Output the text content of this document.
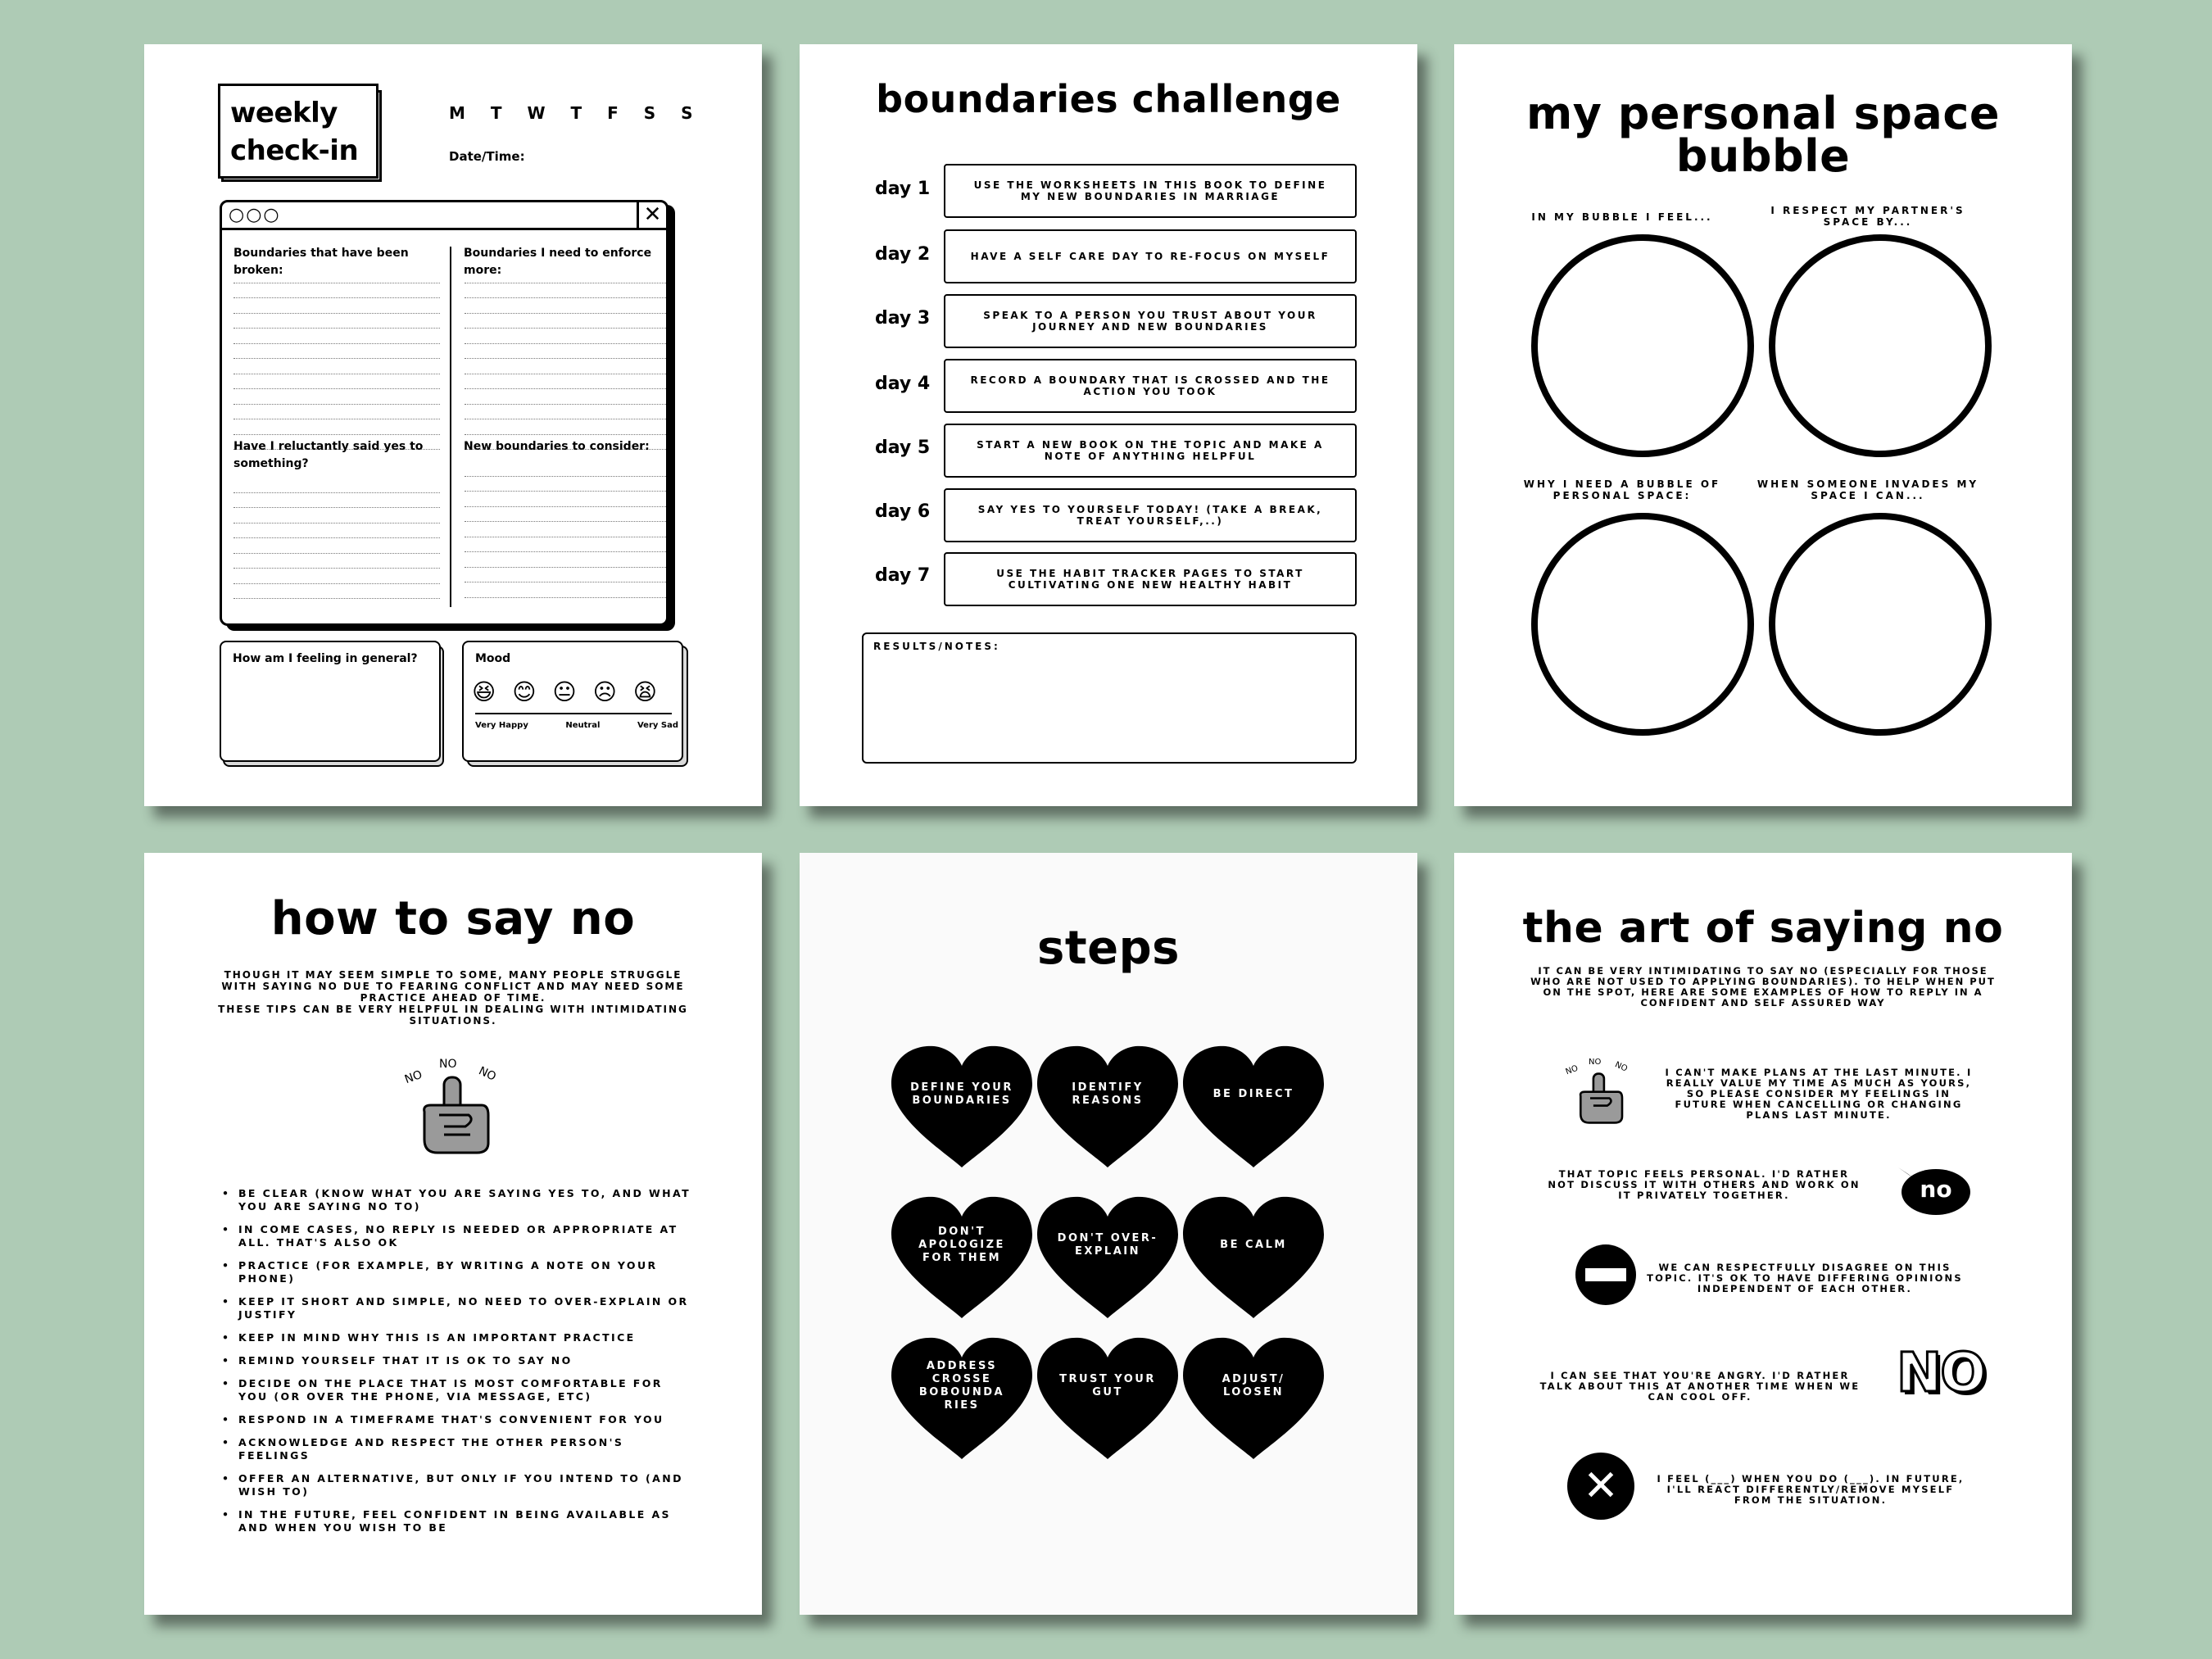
weekly
check-in
M T W T F S S
Date/Time:
○○○	✕
Boundaries that have been broken:
Boundaries I need to enforce more:
Have I reluctantly said yes to something?
New boundaries to consider:
How am I feeling in general?	Mood
😆😊😐☹😫
Very Happy	Neutral	Very Sad
boundaries challenge
day 1	USE THE WORKSHEETS IN THIS BOOK TO DEFINE MY NEW BOUNDARIES IN MARRIAGE
day 2	HAVE A SELF CARE DAY TO RE-FOCUS ON MYSELF
day 3	SPEAK TO A PERSON YOU TRUST ABOUT YOUR JOURNEY AND NEW BOUNDARIES
day 4	RECORD A BOUNDARY THAT IS CROSSED AND THE ACTION YOU TOOK
day 5	START A NEW BOOK ON THE TOPIC AND MAKE A NOTE OF ANYTHING HELPFUL
day 6	SAY YES TO YOURSELF TODAY! (TAKE A BREAK, TREAT YOURSELF,..)
day 7	USE THE HABIT TRACKER PAGES TO START CULTIVATING ONE NEW HEALTHY HABIT
RESULTS/NOTES:
my personal space
bubble
IN MY BUBBLE I FEEL...
I RESPECT MY PARTNER'S SPACE BY...
WHY I NEED A BUBBLE OF PERSONAL SPACE:
WHEN SOMEONE INVADES MY SPACE I CAN...
how to say no
THOUGH IT MAY SEEM SIMPLE TO SOME, MANY PEOPLE STRUGGLE WITH SAYING NO DUE TO FEARING CONFLICT AND MAY NEED SOME PRACTICE AHEAD OF TIME.
THESE TIPS CAN BE VERY HELPFUL IN DEALING WITH INTIMIDATING SITUATIONS.
NO
NO
NO
• BE CLEAR (KNOW WHAT YOU ARE SAYING YES TO, AND WHAT YOU ARE SAYING NO TO)
• IN COME CASES, NO REPLY IS NEEDED OR APPROPRIATE AT ALL. THAT'S ALSO OK
• PRACTICE (FOR EXAMPLE, BY WRITING A NOTE ON YOUR PHONE)
• KEEP IT SHORT AND SIMPLE, NO NEED TO OVER-EXPLAIN OR JUSTIFY
• KEEP IN MIND WHY THIS IS AN IMPORTANT PRACTICE
• REMIND YOURSELF THAT IT IS OK TO SAY NO
• DECIDE ON THE PLACE THAT IS MOST COMFORTABLE FOR YOU (OR OVER THE PHONE, VIA MESSAGE, ETC)
• RESPOND IN A TIMEFRAME THAT'S CONVENIENT FOR YOU
• ACKNOWLEDGE AND RESPECT THE OTHER PERSON'S FEELINGS
• OFFER AN ALTERNATIVE, BUT ONLY IF YOU INTEND TO (AND WISH TO)
• IN THE FUTURE, FEEL CONFIDENT IN BEING AVAILABLE AS AND WHEN YOU WISH TO BE
steps
DEFINE YOUR BOUNDARIES
IDENTIFY REASONS
BE DIRECT
DON'T APOLOGIZE FOR THEM
DON'T OVER-EXPLAIN
BE CALM
ADDRESS CROSSE BOBOUNDA RIES
TRUST YOUR GUT
ADJUST/ LOOSEN
the art of saying no
IT CAN BE VERY INTIMIDATING TO SAY NO (ESPECIALLY FOR THOSE WHO ARE NOT USED TO APPLYING BOUNDARIES). TO HELP WHEN PUT ON THE SPOT, HERE ARE SOME EXAMPLES OF HOW TO REPLY IN A CONFIDENT AND SELF ASSURED WAY
NO
NO NO	I CAN'T MAKE PLANS AT THE LAST MINUTE. I REALLY VALUE MY TIME AS MUCH AS YOURS, SO PLEASE CONSIDER MY FEELINGS IN FUTURE WHEN CANCELLING OR CHANGING PLANS LAST MINUTE.
THAT TOPIC FEELS PERSONAL. I'D RATHER NOT DISCUSS IT WITH OTHERS AND WORK ON IT PRIVATELY TOGETHER.	no
WE CAN RESPECTFULLY DISAGREE ON THIS TOPIC. IT'S OK TO HAVE DIFFERING OPINIONS INDEPENDENT OF EACH OTHER.
I CAN SEE THAT YOU'RE ANGRY. I'D RATHER TALK ABOUT THIS AT ANOTHER TIME WHEN WE CAN COOL OFF.	NO
✕	I FEEL (___) WHEN YOU DO (___). IN FUTURE, I'LL REACT DIFFERENTLY/REMOVE MYSELF FROM THE SITUATION.
